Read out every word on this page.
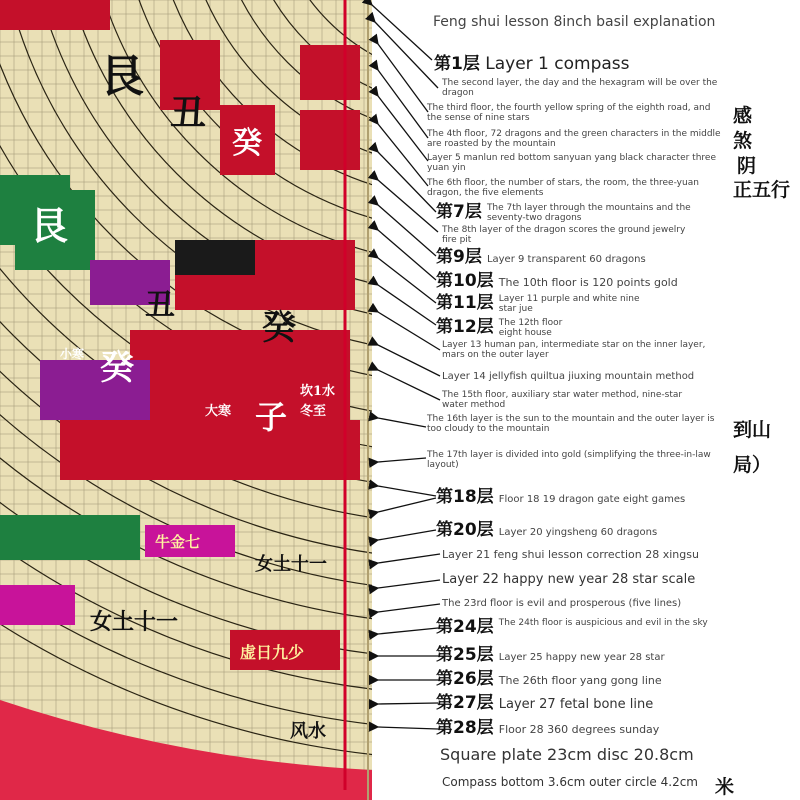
艮
丑
癸
艮
丑
癸
癸
子
坎1水
冬至
小寒
大寒
牛金七
女土十一
女土十一
虚日九少
风水
Feng shui lesson 8inch basil explanation
第1层 Layer 1 compass
The second layer, the day and the hexagram will be over the dragon
The third floor, the fourth yellow spring of the eighth road, and the sense of nine stars
The 4th floor, 72 dragons and the green characters in the middle are roasted by the mountain
Layer 5 manlun red bottom sanyuan yang black character three yuan yin
The 6th floor, the number of stars, the room, the three-yuan dragon, the five elements
第7层 The 7th layer through the mountains and the seventy-two dragons
The 8th layer of the dragon scores the ground jewelry fire pit
第9层 Layer 9 transparent 60 dragons
第10层 The 10th floor is 120 points gold
第11层 Layer 11 purple and white nine star jue
第12层 The 12th floor eight house
Layer 13 human pan, intermediate star on the inner layer, mars on the outer layer
Layer 14 jellyfish quiltua jiuxing mountain method
The 15th floor, auxiliary star water method, nine-star water method
The 16th layer is the sun to the mountain and the outer layer is too cloudy to the mountain
The 17th layer is divided into gold (simplifying the three-in-law layout)
第18层 Floor 18 19 dragon gate eight games
第20层 Layer 20 yingsheng 60 dragons
Layer 21 feng shui lesson correction 28 xingsu
Layer 22 happy new year 28 star scale
The 23rd floor is evil and prosperous (five lines)
第24层 The 24th floor is auspicious and evil in the sky
第25层 Layer 25 happy new year 28 star
第26层 The 26th floor yang gong line
第27层 Layer 27 fetal bone line
第28层 Floor 28 360 degrees sunday
Square plate 23cm disc 20.8cm
Compass bottom 3.6cm outer circle 4.2cm
感
煞
阴
正五行
到山
局）
米
